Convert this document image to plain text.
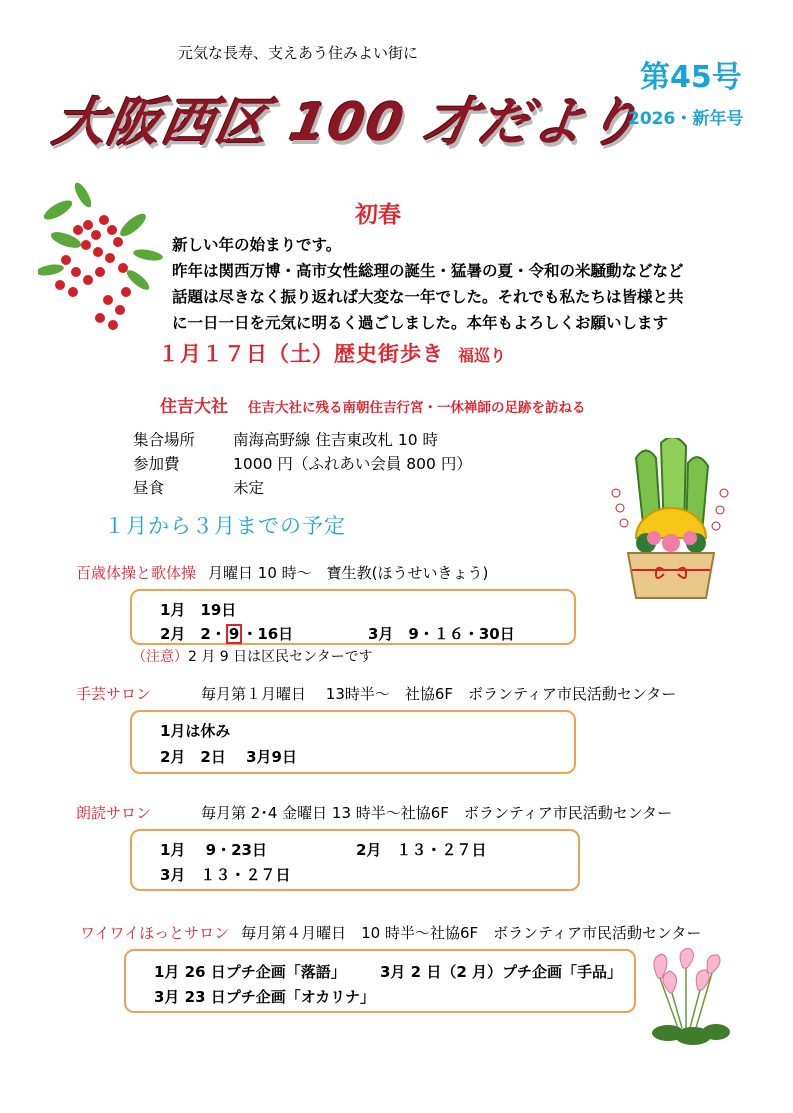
元気な長寿、支えあう住みよい街に
大阪西区 100 才だより
第45号
2026・新年号
初春
新しい年の始まりです。
昨年は関西万博・高市女性総理の誕生・猛暑の夏・令和の米騒動などなど
話題は尽きなく振り返れば大変な一年でした。それでも私たちは皆様と共
に一日一日を元気に明るく過ごしました。本年もよろしくお願いします
１月１７日（土）歴史街歩き 福巡り
住吉大社 住吉大社に残る南朝住吉行宮・一休禅師の足跡を訪ねる
集合場所	南海高野線 住吉東改札 10 時
参加費	1000 円（ふれあい会員 800 円）
昼食	未定
１月から３月までの予定
百歳体操と歌体操 月曜日 10 時～　寶生教(ほうせいきょう)
1月　19日
2月　2・ 9 ・16日	3月　9・１６・30日
（注意）2 月 9 日は区民センターです
手芸サロン	毎月第１月曜日　 13時半～　社協6F　ボランティア市民活動センター
1月は休み
2月　2日　 3月9日
朗読サロン	毎月第 2･4 金曜日 13 時半～社協6F　ボランティア市民活動センター
1月　 9・23日	2月　１３・２７日
3月　１３・２７日
ワイワイほっとサロン 毎月第４月曜日　10 時半～社協6F　ボランティア市民活動センター
1月 26 日プチ企画「落語」 3月 2 日（2 月）プチ企画「手品」
3月 23 日プチ企画「オカリナ」
